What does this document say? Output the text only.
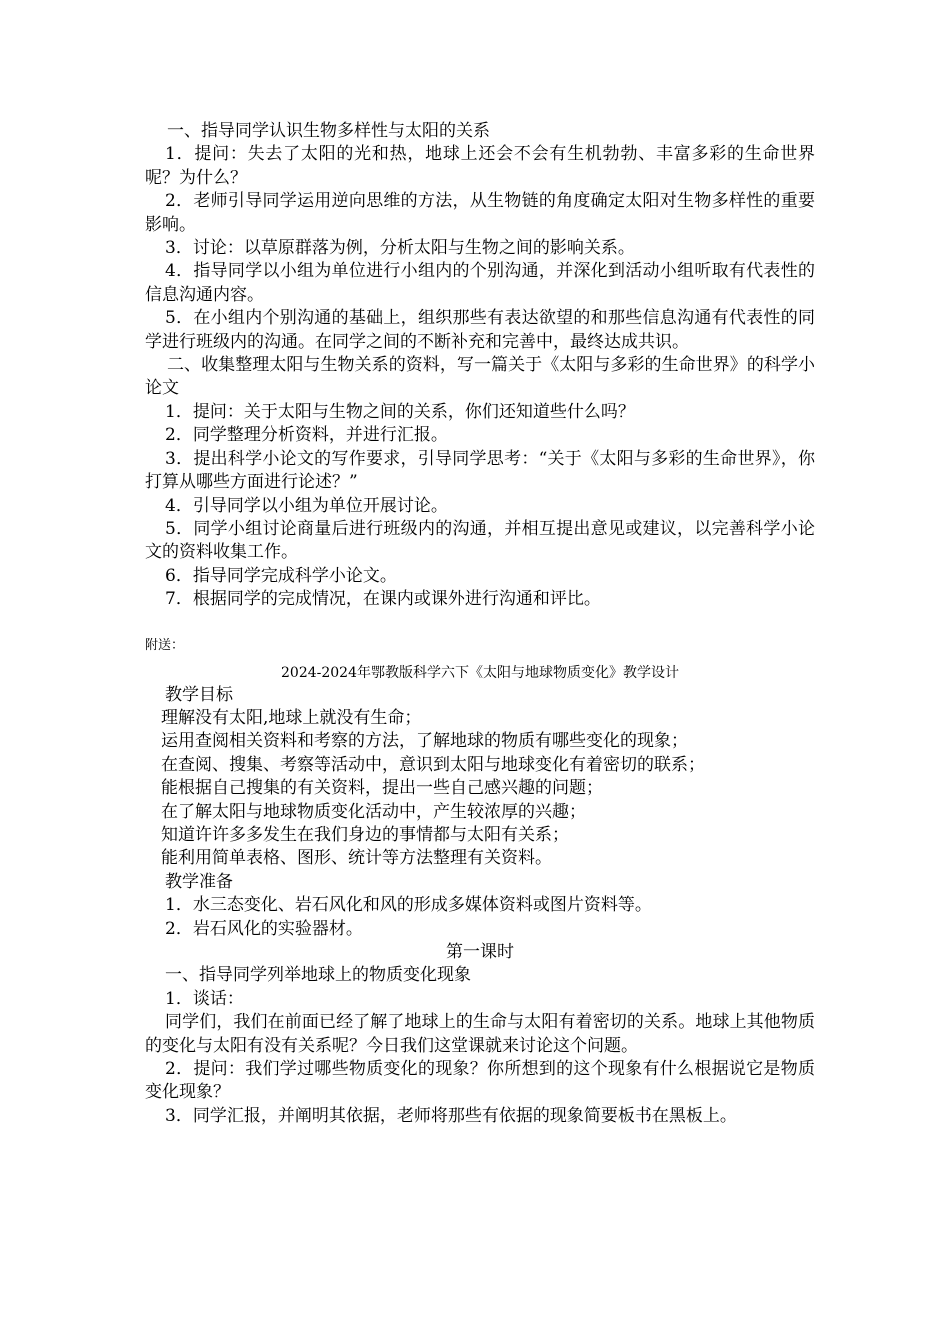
一、指导同学认识生物多样性与太阳的关系
1．提问：失去了太阳的光和热，地球上还会不会有生机勃勃、丰富多彩的生命世界呢？为什么？
2．老师引导同学运用逆向思维的方法，从生物链的角度确定太阳对生物多样性的重要影响。
3．讨论：以草原群落为例，分析太阳与生物之间的影响关系。
4．指导同学以小组为单位进行小组内的个别沟通，并深化到活动小组听取有代表性的信息沟通内容。
5．在小组内个别沟通的基础上，组织那些有表达欲望的和那些信息沟通有代表性的同学进行班级内的沟通。在同学之间的不断补充和完善中，最终达成共识。
二、收集整理太阳与生物关系的资料，写一篇关于《太阳与多彩的生命世界》的科学小论文
1．提问：关于太阳与生物之间的关系，你们还知道些什么吗？
2．同学整理分析资料，并进行汇报。
3．提出科学小论文的写作要求，引导同学思考：“关于《太阳与多彩的生命世界》，你打算从哪些方面进行论述？”
4．引导同学以小组为单位开展讨论。
5．同学小组讨论商量后进行班级内的沟通，并相互提出意见或建议，以完善科学小论文的资料收集工作。
6．指导同学完成科学小论文。
7．根据同学的完成情况，在课内或课外进行沟通和评比。
附送：
2024-2024年鄂教版科学六下《太阳与地球物质变化》教学设计
教学目标
理解没有太阳,地球上就没有生命；
运用查阅相关资料和考察的方法，了解地球的物质有哪些变化的现象；
在查阅、搜集、考察等活动中，意识到太阳与地球变化有着密切的联系；
能根据自己搜集的有关资料，提出一些自己感兴趣的问题；
在了解太阳与地球物质变化活动中，产生较浓厚的兴趣；
知道许许多多发生在我们身边的事情都与太阳有关系；
能利用简单表格、图形、统计等方法整理有关资料。
教学准备
1．水三态变化、岩石风化和风的形成多媒体资料或图片资料等。
2．岩石风化的实验器材。
第一课时
一、指导同学列举地球上的物质变化现象
1．谈话：
同学们，我们在前面已经了解了地球上的生命与太阳有着密切的关系。地球上其他物质的变化与太阳有没有关系呢？今日我们这堂课就来讨论这个问题。
2．提问：我们学过哪些物质变化的现象？你所想到的这个现象有什么根据说它是物质变化现象？
3．同学汇报，并阐明其依据，老师将那些有依据的现象简要板书在黑板上。
